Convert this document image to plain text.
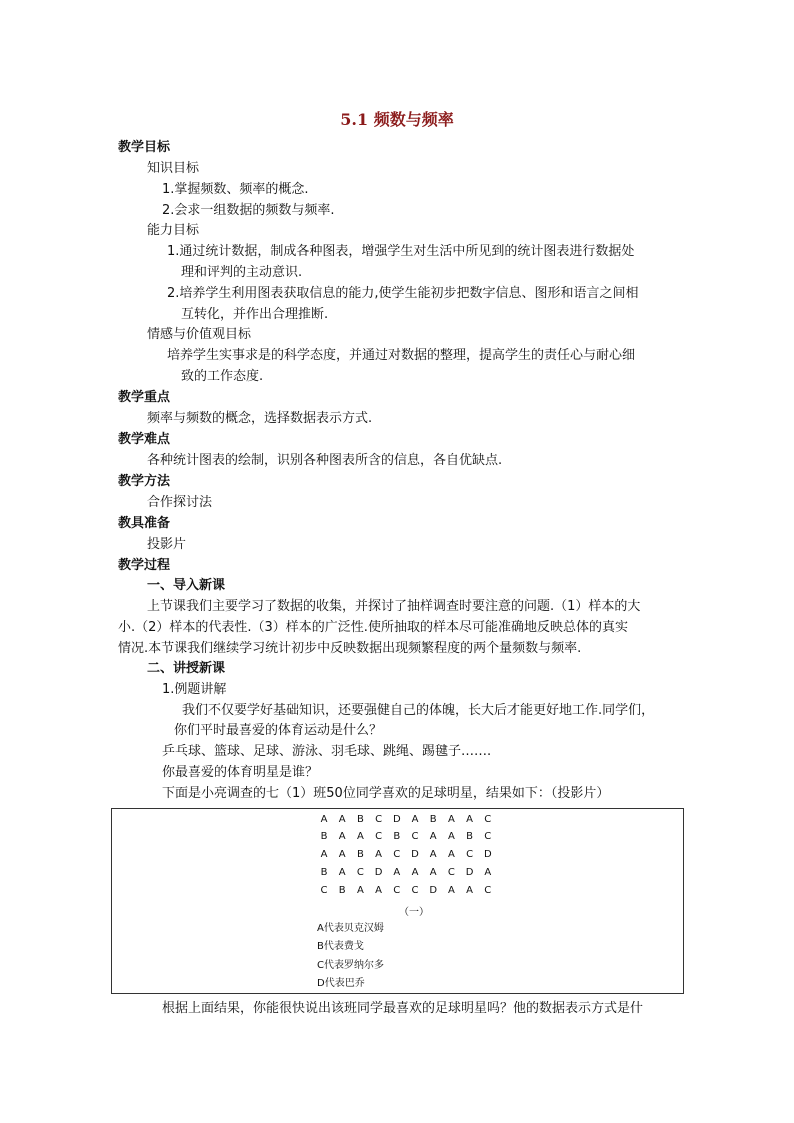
5.1 频数与频率
教学目标
知识目标
1.掌握频数、频率的概念.
2.会求一组数据的频数与频率.
能力目标
1.通过统计数据，制成各种图表，增强学生对生活中所见到的统计图表进行数据处
理和评判的主动意识.
2.培养学生利用图表获取信息的能力,使学生能初步把数字信息、图形和语言之间相
互转化，并作出合理推断.
情感与价值观目标
培养学生实事求是的科学态度，并通过对数据的整理，提高学生的责任心与耐心细
致的工作态度.
教学重点
频率与频数的概念，选择数据表示方式.
教学难点
各种统计图表的绘制，识别各种图表所含的信息，各自优缺点.
教学方法
合作探讨法
教具准备
投影片
教学过程
一、导入新课
上节课我们主要学习了数据的收集，并探讨了抽样调查时要注意的问题.（1）样本的大
小.（2）样本的代表性.（3）样本的广泛性.使所抽取的样本尽可能准确地反映总体的真实
情况.本节课我们继续学习统计初步中反映数据出现频繁程度的两个量频数与频率.
二、讲授新课
1.例题讲解
我们不仅要学好基础知识，还要强健自己的体魄，长大后才能更好地工作.同学们，
你们平时最喜爱的体育运动是什么？
乒乓球、篮球、足球、游泳、羽毛球、跳绳、踢毽子…….
你最喜爱的体育明星是谁？
下面是小亮调查的七（1）班50位同学喜欢的足球明星，结果如下：（投影片）
A	A	B	C	D	A	B	A	A	C
B	A	A	C	B	C	A	A	B	C
A	A	B	A	C	D	A	A	C	D
B	A	C	D	A	A	A	C	D	A
C	B	A	A	C	C	D	A	A	C
（一）
A代表贝克汉姆
B代表费戈
C代表罗纳尔多
D代表巴乔
根据上面结果，你能很快说出该班同学最喜欢的足球明星吗？他的数据表示方式是什
